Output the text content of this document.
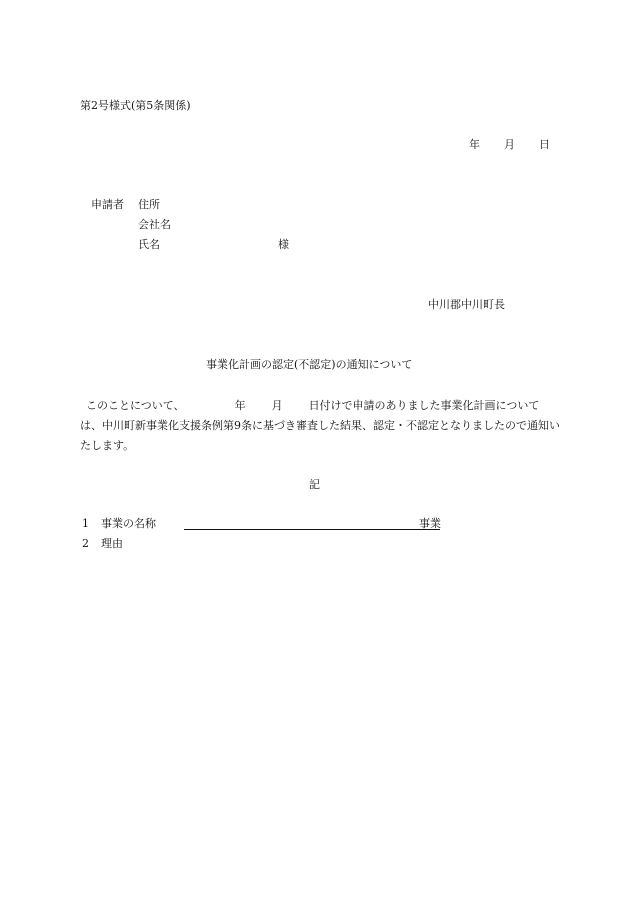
第2号様式(第5条関係)
年 月 日
申請者 住所
会社名
氏名	様
中川郡中川町長
事業化計画の認定(不認定)の通知について
このことについて、	年 月 日付けで申請のありました事業化計画については、中川町新事業化支援条例第9条に基づき審査した結果、認定・不認定となりましたので通知いたします。
記
1 事業の名称	事業
2 理由
